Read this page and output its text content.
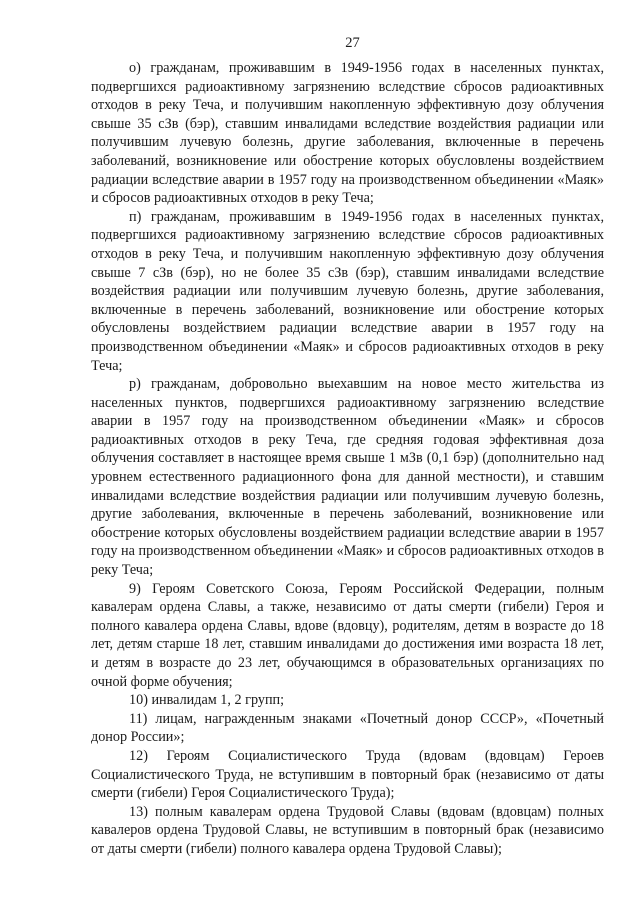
27

о) гражданам, проживавшим в 1949-1956 годах в населенных пунктах, подвергшихся радиоактивному загрязнению вследствие сбросов радиоактивных отходов в реку Теча, и получившим накопленную эффективную дозу облучения свыше 35 сЗв (бэр), ставшим инвалидами вследствие воздействия радиации или получившим лучевую болезнь, другие заболевания, включенные в перечень заболеваний, возникновение или обострение которых обусловлены воздействием радиации вследствие аварии в 1957 году на производственном объединении «Маяк» и сбросов радиоактивных отходов в реку Теча;

п) гражданам, проживавшим в 1949-1956 годах в населенных пунктах, подвергшихся радиоактивному загрязнению вследствие сбросов радиоактивных отходов в реку Теча, и получившим накопленную эффективную дозу облучения свыше 7 сЗв (бэр), но не более 35 сЗв (бэр), ставшим инвалидами вследствие воздействия радиации или получившим лучевую болезнь, другие заболевания, включенные в перечень заболеваний, возникновение или обострение которых обусловлены воздействием радиации вследствие аварии в 1957 году на производственном объединении «Маяк» и сбросов радиоактивных отходов в реку Теча;

р) гражданам, добровольно выехавшим на новое место жительства из населенных пунктов, подвергшихся радиоактивному загрязнению вследствие аварии в 1957 году на производственном объединении «Маяк» и сбросов радиоактивных отходов в реку Теча, где средняя годовая эффективная доза облучения составляет в настоящее время свыше 1 мЗв (0,1 бэр) (дополнительно над уровнем естественного радиационного фона для данной местности), и ставшим инвалидами вследствие воздействия радиации или получившим лучевую болезнь, другие заболевания, включенные в перечень заболеваний, возникновение или обострение которых обусловлены воздействием радиации вследствие аварии в 1957 году на производственном объединении «Маяк» и сбросов радиоактивных отходов в реку Теча;

9) Героям Советского Союза, Героям Российской Федерации, полным кавалерам ордена Славы, а также, независимо от даты смерти (гибели) Героя и полного кавалера ордена Славы, вдове (вдовцу), родителям, детям в возрасте до 18 лет, детям старше 18 лет, ставшим инвалидами до достижения ими возраста 18 лет, и детям в возрасте до 23 лет, обучающимся в образовательных организациях по очной форме обучения;

10) инвалидам 1, 2 групп;

11) лицам, награжденным знаками «Почетный донор СССР», «Почетный донор России»;

12) Героям Социалистического Труда (вдовам (вдовцам) Героев Социалистического Труда, не вступившим в повторный брак (независимо от даты смерти (гибели) Героя Социалистического Труда);

13) полным кавалерам ордена Трудовой Славы (вдовам (вдовцам) полных кавалеров ордена Трудовой Славы, не вступившим в повторный брак (независимо от даты смерти (гибели) полного кавалера ордена Трудовой Славы);
